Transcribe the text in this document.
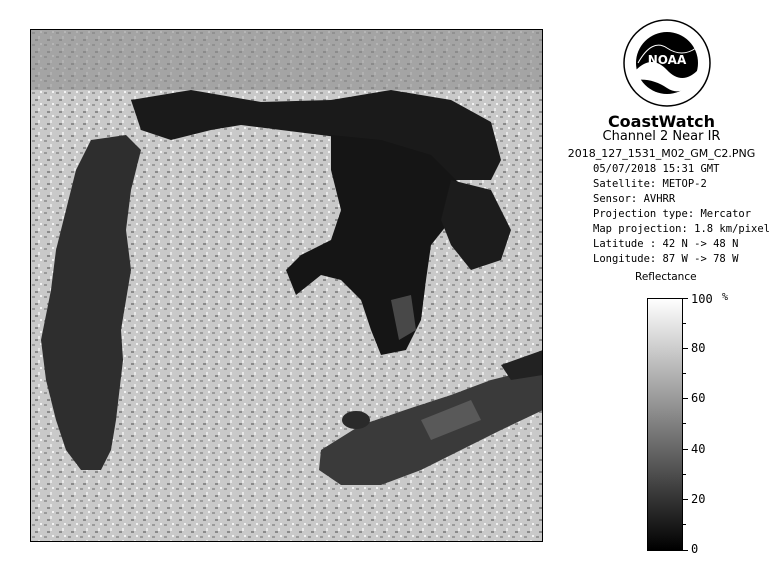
NOAA
CoastWatch
Channel 2 Near IR
2018_127_1531_M02_GM_C2.PNG
05/07/2018 15:31 GMT
Satellite: METOP-2
Sensor: AVHRR
Projection type: Mercator
Map projection: 1.8 km/pixel
Latitude : 42 N -> 48 N
Longitude: 87 W -> 78 W
Reflectance
%
100
80
60
40
20
0
